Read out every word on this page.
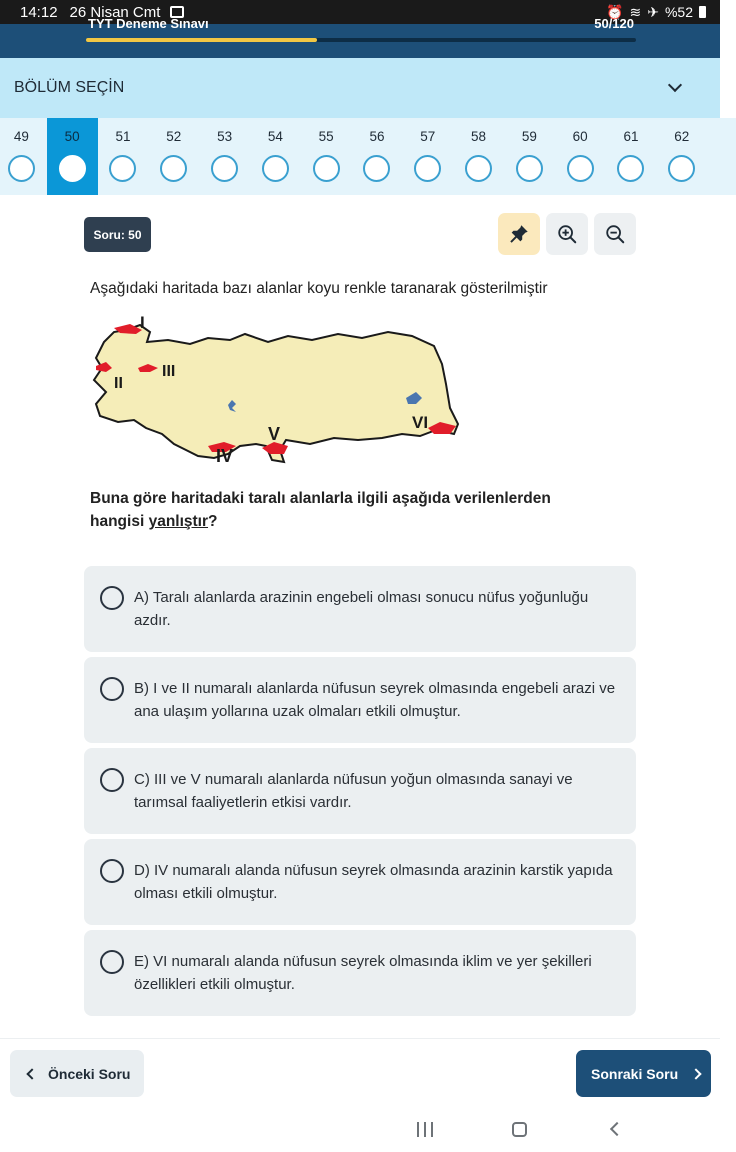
14:12 26 Nisan Cmt	⏰ ≋ ✈ %52
TYT Deneme Sınavı	50/120
BÖLÜM SEÇİN
49	50	51	52	53	54	55	56	57	58	59	60	61	62
Soru: 50
Aşağıdaki haritada bazı alanlar koyu renkle taranarak gösterilmiştir
I
II
III
IV
V
VI
Buna göre haritadaki taralı alanlarla ilgili aşağıda verilenlerden hangisi yanlıştır?
A) Taralı alanlarda arazinin engebeli olması sonucu nüfus yoğunluğu azdır.
B) I ve II numaralı alanlarda nüfusun seyrek olmasında engebeli arazi ve ana ulaşım yollarına uzak olmaları etkili olmuştur.
C) III ve V numaralı alanlarda nüfusun yoğun olmasında sanayi ve tarımsal faaliyetlerin etkisi vardır.
D) IV numaralı alanda nüfusun seyrek olmasında arazinin karstik yapıda olması etkili olmuştur.
E) VI numaralı alanda nüfusun seyrek olmasında iklim ve yer şekilleri özellikleri etkili olmuştur.
Önceki Soru	Sonraki Soru
